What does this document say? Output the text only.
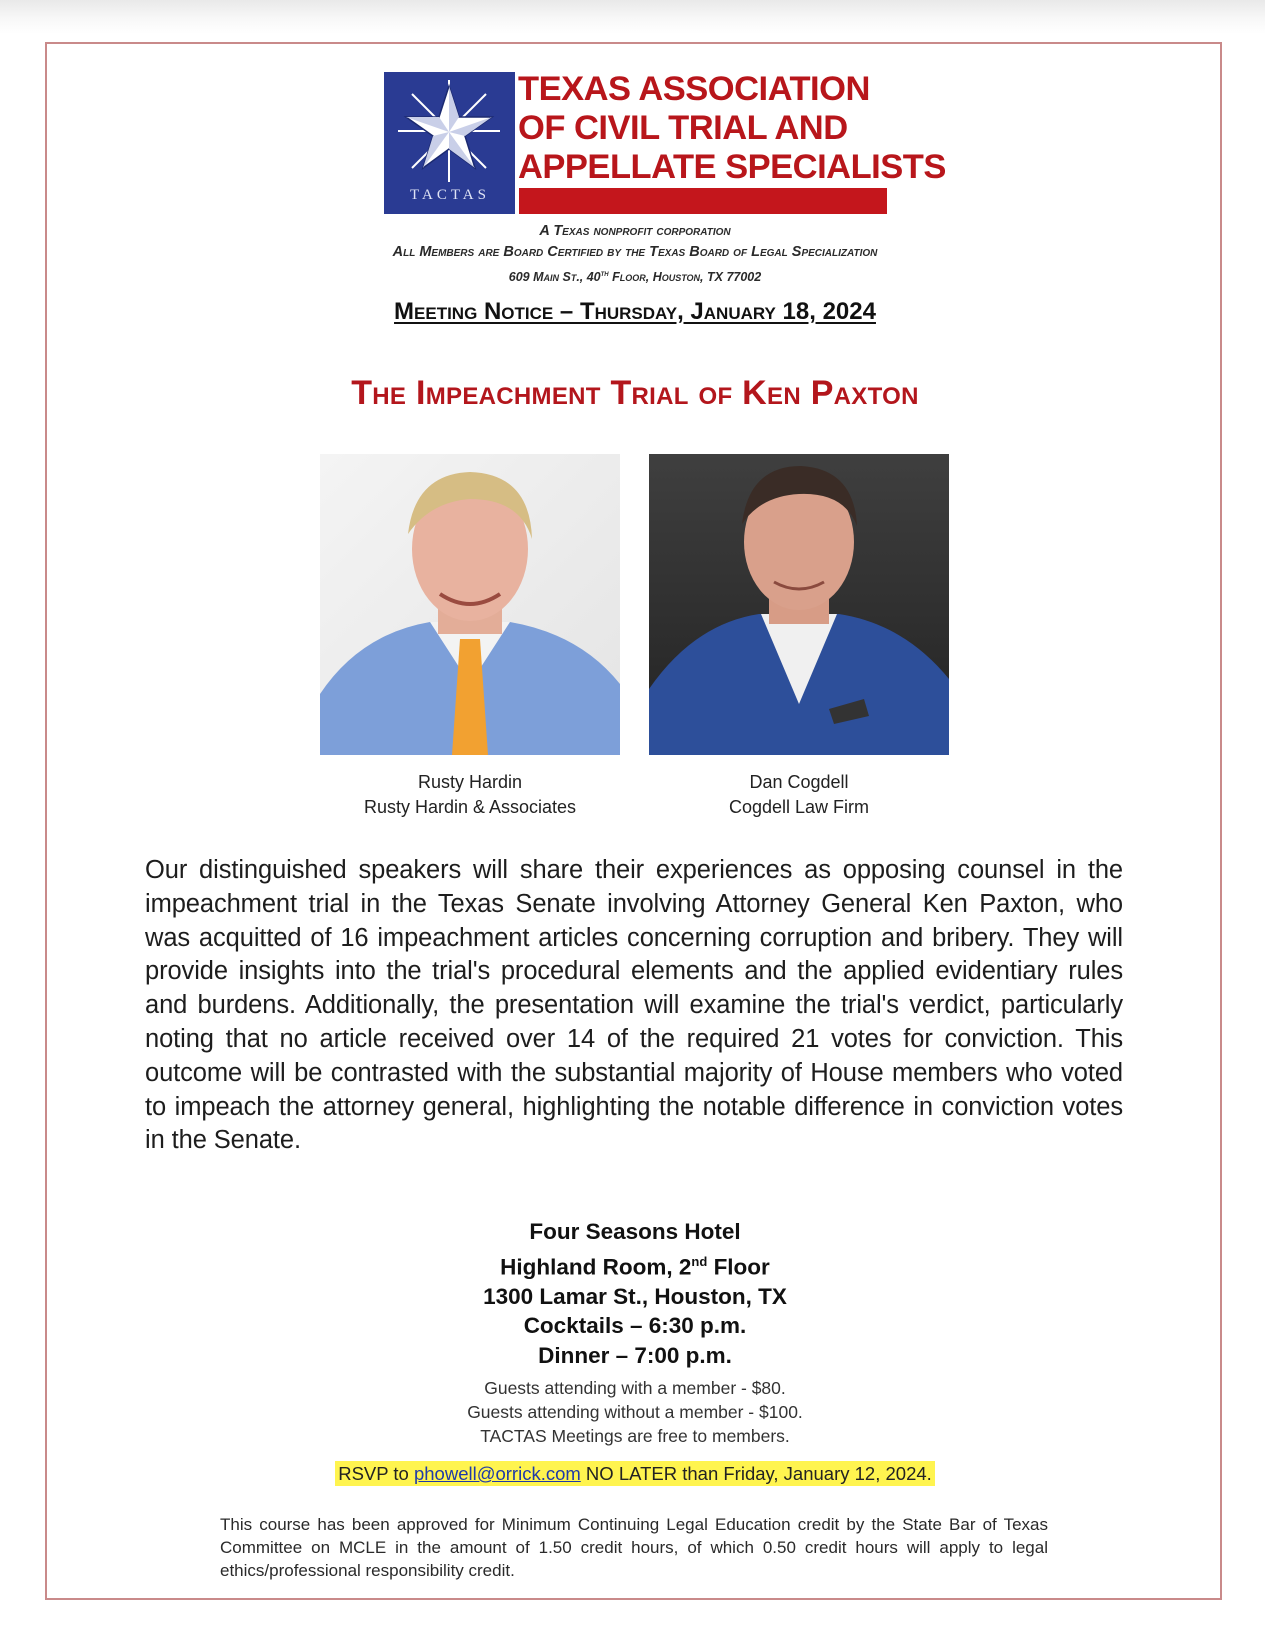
TACTAS
TEXAS ASSOCIATION
OF CIVIL TRIAL AND
APPELLATE SPECIALISTS
A Texas nonprofit corporation
All Members are Board Certified by the Texas Board of Legal Specialization
609 Main St., 40th Floor, Houston, TX 77002
Meeting Notice – Thursday, January 18, 2024
The Impeachment Trial of Ken Paxton
Rusty Hardin
Rusty Hardin & Associates
Dan Cogdell
Cogdell Law Firm
Our distinguished speakers will share their experiences as opposing counsel in the impeachment trial in the Texas Senate involving Attorney General Ken Paxton, who was acquitted of 16 impeachment articles concerning corruption and bribery. They will provide insights into the trial's procedural elements and the applied evidentiary rules and burdens. Additionally, the presentation will examine the trial's verdict, particularly noting that no article received over 14 of the required 21 votes for conviction. This outcome will be contrasted with the substantial majority of House members who voted to impeach the attorney general, highlighting the notable difference in conviction votes in the Senate.
Four Seasons Hotel
Highland Room, 2nd Floor
1300 Lamar St., Houston, TX
Cocktails – 6:30 p.m.
Dinner – 7:00 p.m.
Guests attending with a member - $80.
Guests attending without a member - $100.
TACTAS Meetings are free to members.
RSVP to phowell@orrick.com NO LATER than Friday, January 12, 2024.
This course has been approved for Minimum Continuing Legal Education credit by the State Bar of Texas Committee on MCLE in the amount of 1.50 credit hours, of which 0.50 credit hours will apply to legal ethics/professional responsibility credit.
